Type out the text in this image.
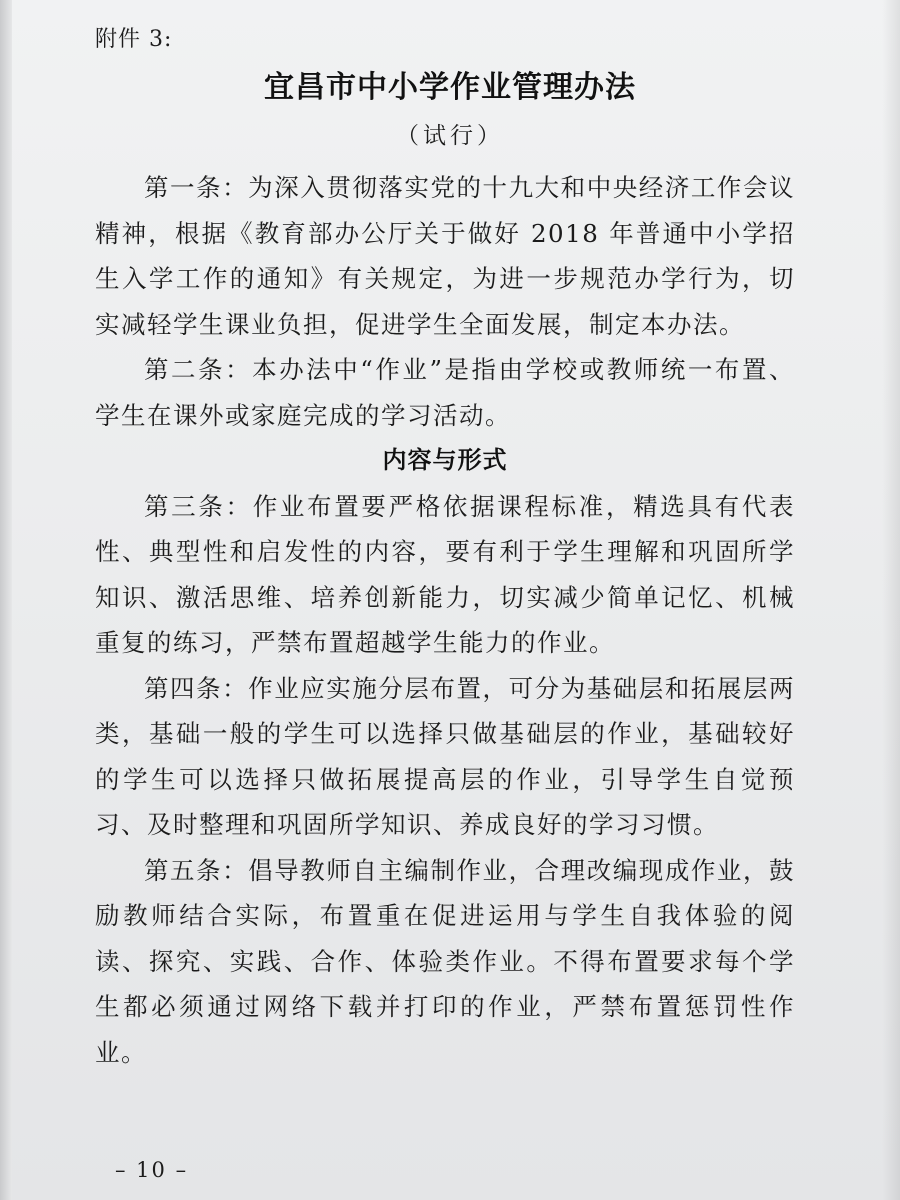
附件 3:
宜昌市中小学作业管理办法
（试行）

第一条：为深入贯彻落实党的十九大和中央经济工作会议精神，根据《教育部办公厅关于做好 2018 年普通中小学招生入学工作的通知》有关规定，为进一步规范办学行为，切实减轻学生课业负担，促进学生全面发展，制定本办法。

第二条：本办法中“作业”是指由学校或教师统一布置、学生在课外或家庭完成的学习活动。

内容与形式

第三条：作业布置要严格依据课程标准，精选具有代表性、典型性和启发性的内容，要有利于学生理解和巩固所学知识、激活思维、培养创新能力，切实减少简单记忆、机械重复的练习，严禁布置超越学生能力的作业。

第四条：作业应实施分层布置，可分为基础层和拓展层两类，基础一般的学生可以选择只做基础层的作业，基础较好的学生可以选择只做拓展提高层的作业，引导学生自觉预习、及时整理和巩固所学知识、养成良好的学习习惯。

第五条：倡导教师自主编制作业，合理改编现成作业，鼓励教师结合实际，布置重在促进运用与学生自我体验的阅读、探究、实践、合作、体验类作业。不得布置要求每个学生都必须通过网络下载并打印的作业，严禁布置惩罚性作业。

– 10 –
